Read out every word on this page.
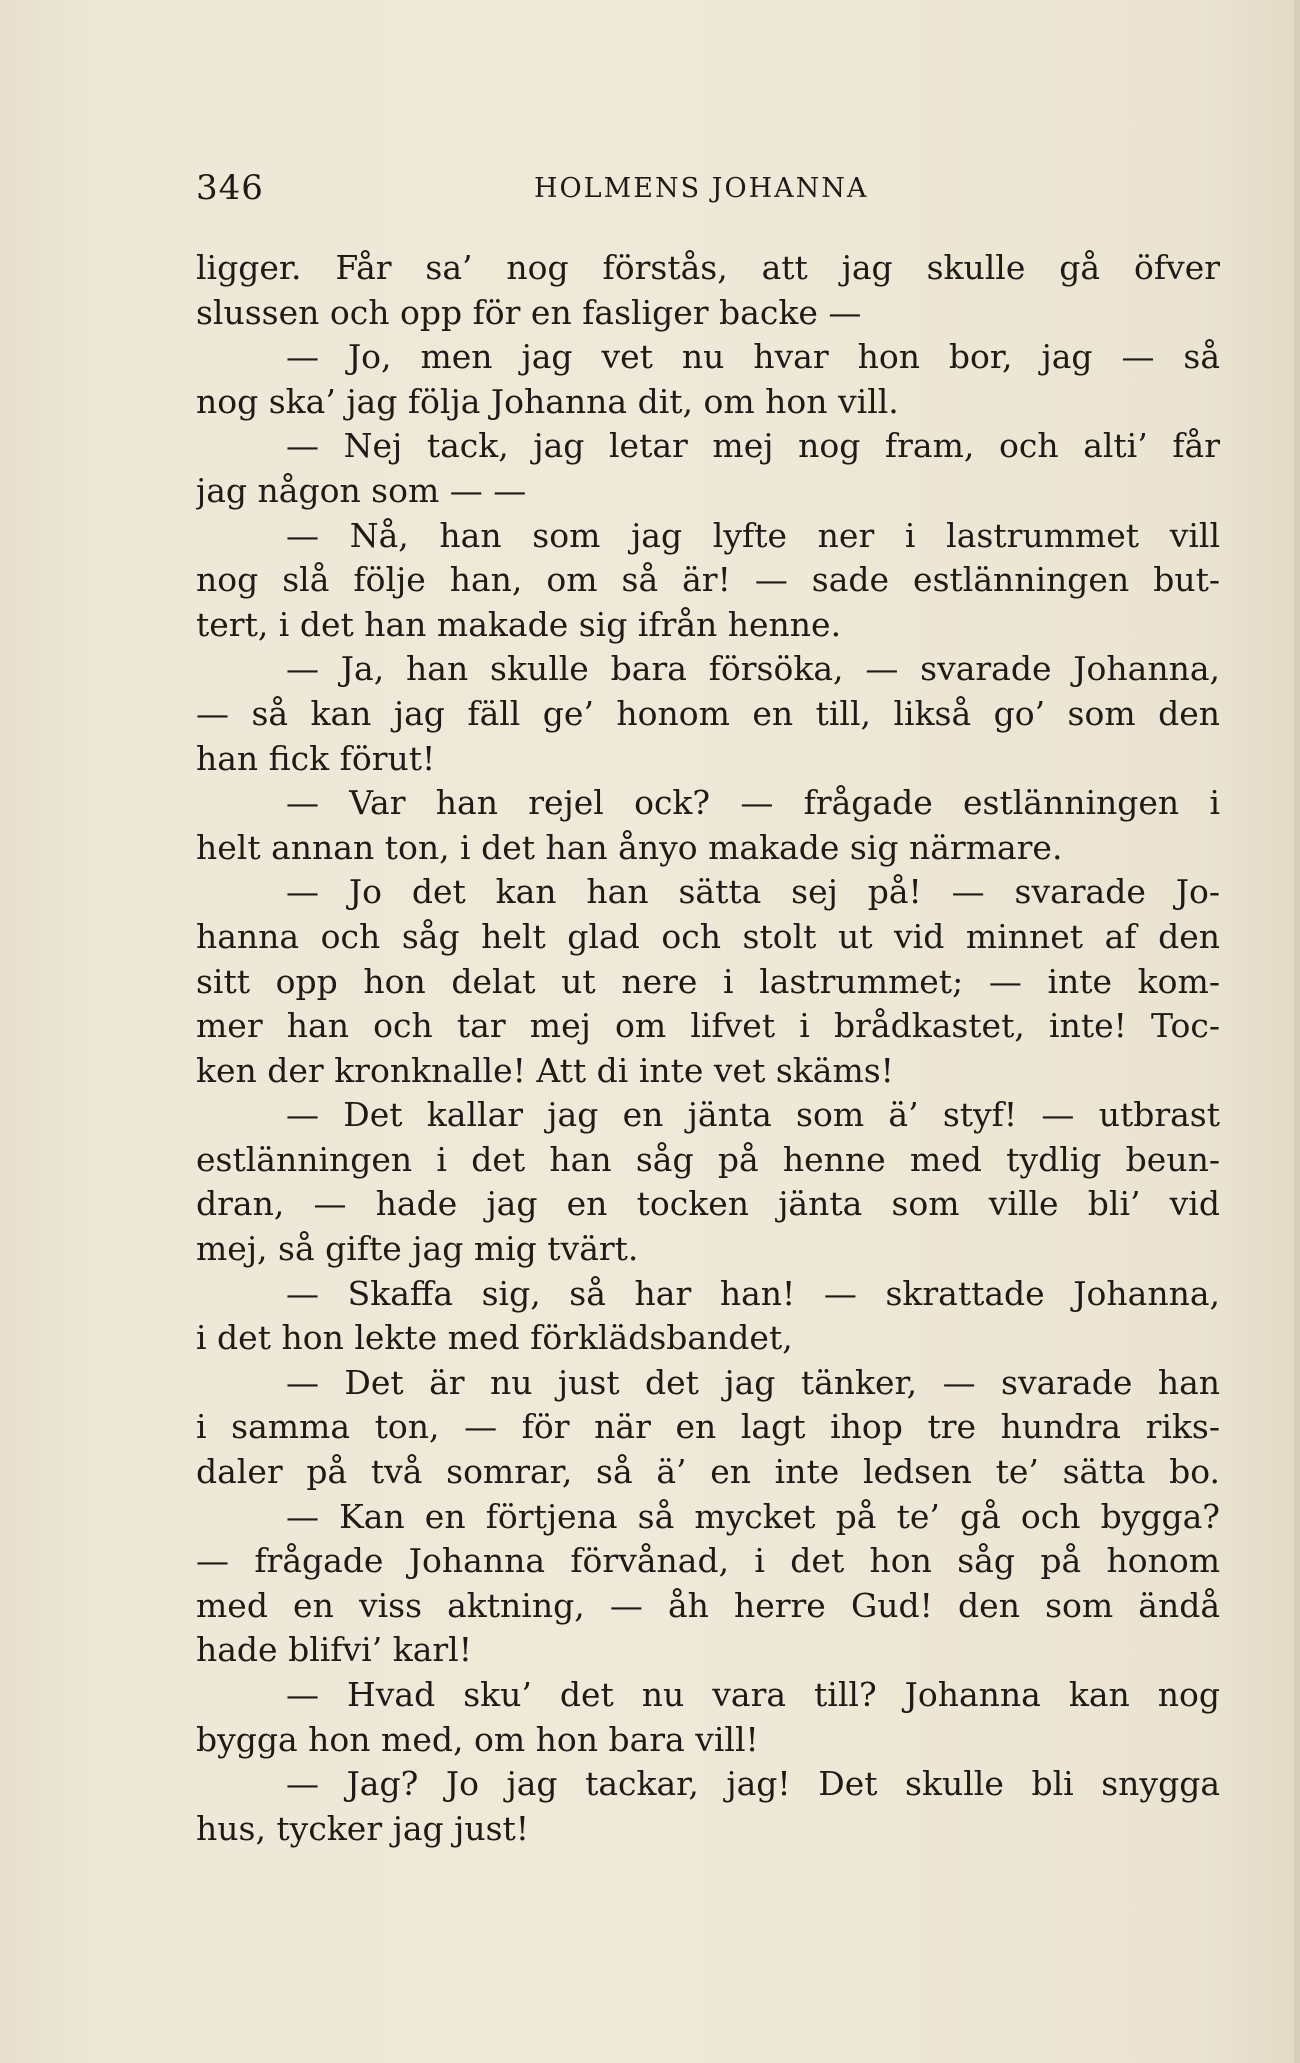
346	HOLMENS JOHANNA
ligger. Får sa’ nog förstås, att jag skulle gå öfver
slussen och opp för en fasliger backe —
— Jo, men jag vet nu hvar hon bor, jag — så
nog ska’ jag följa Johanna dit, om hon vill.
— Nej tack, jag letar mej nog fram, och alti’ får
jag någon som — —
— Nå, han som jag lyfte ner i lastrummet vill
nog slå följe han, om så är! — sade estlänningen but-
tert, i det han makade sig ifrån henne.
— Ja, han skulle bara försöka, — svarade Johanna,
— så kan jag fäll ge’ honom en till, likså go’ som den
han fick förut!
— Var han rejel ock? — frågade estlänningen i
helt annan ton, i det han ånyo makade sig närmare.
— Jo det kan han sätta sej på! — svarade Jo-
hanna och såg helt glad och stolt ut vid minnet af den
sitt opp hon delat ut nere i lastrummet; — inte kom-
mer han och tar mej om lifvet i brådkastet, inte! Toc-
ken der kronknalle! Att di inte vet skäms!
— Det kallar jag en jänta som ä’ styf! — utbrast
estlänningen i det han såg på henne med tydlig beun-
dran, — hade jag en tocken jänta som ville bli’ vid
mej, så gifte jag mig tvärt.
— Skaffa sig, så har han! — skrattade Johanna,
i det hon lekte med förklädsbandet,
— Det är nu just det jag tänker, — svarade han
i samma ton, — för när en lagt ihop tre hundra riks-
daler på två somrar, så ä’ en inte ledsen te’ sätta bo.
— Kan en förtjena så mycket på te’ gå och bygga?
— frågade Johanna förvånad, i det hon såg på honom
med en viss aktning, — åh herre Gud! den som ändå
hade blifvi’ karl!
— Hvad sku’ det nu vara till? Johanna kan nog
bygga hon med, om hon bara vill!
— Jag? Jo jag tackar, jag! Det skulle bli snygga
hus, tycker jag just!
